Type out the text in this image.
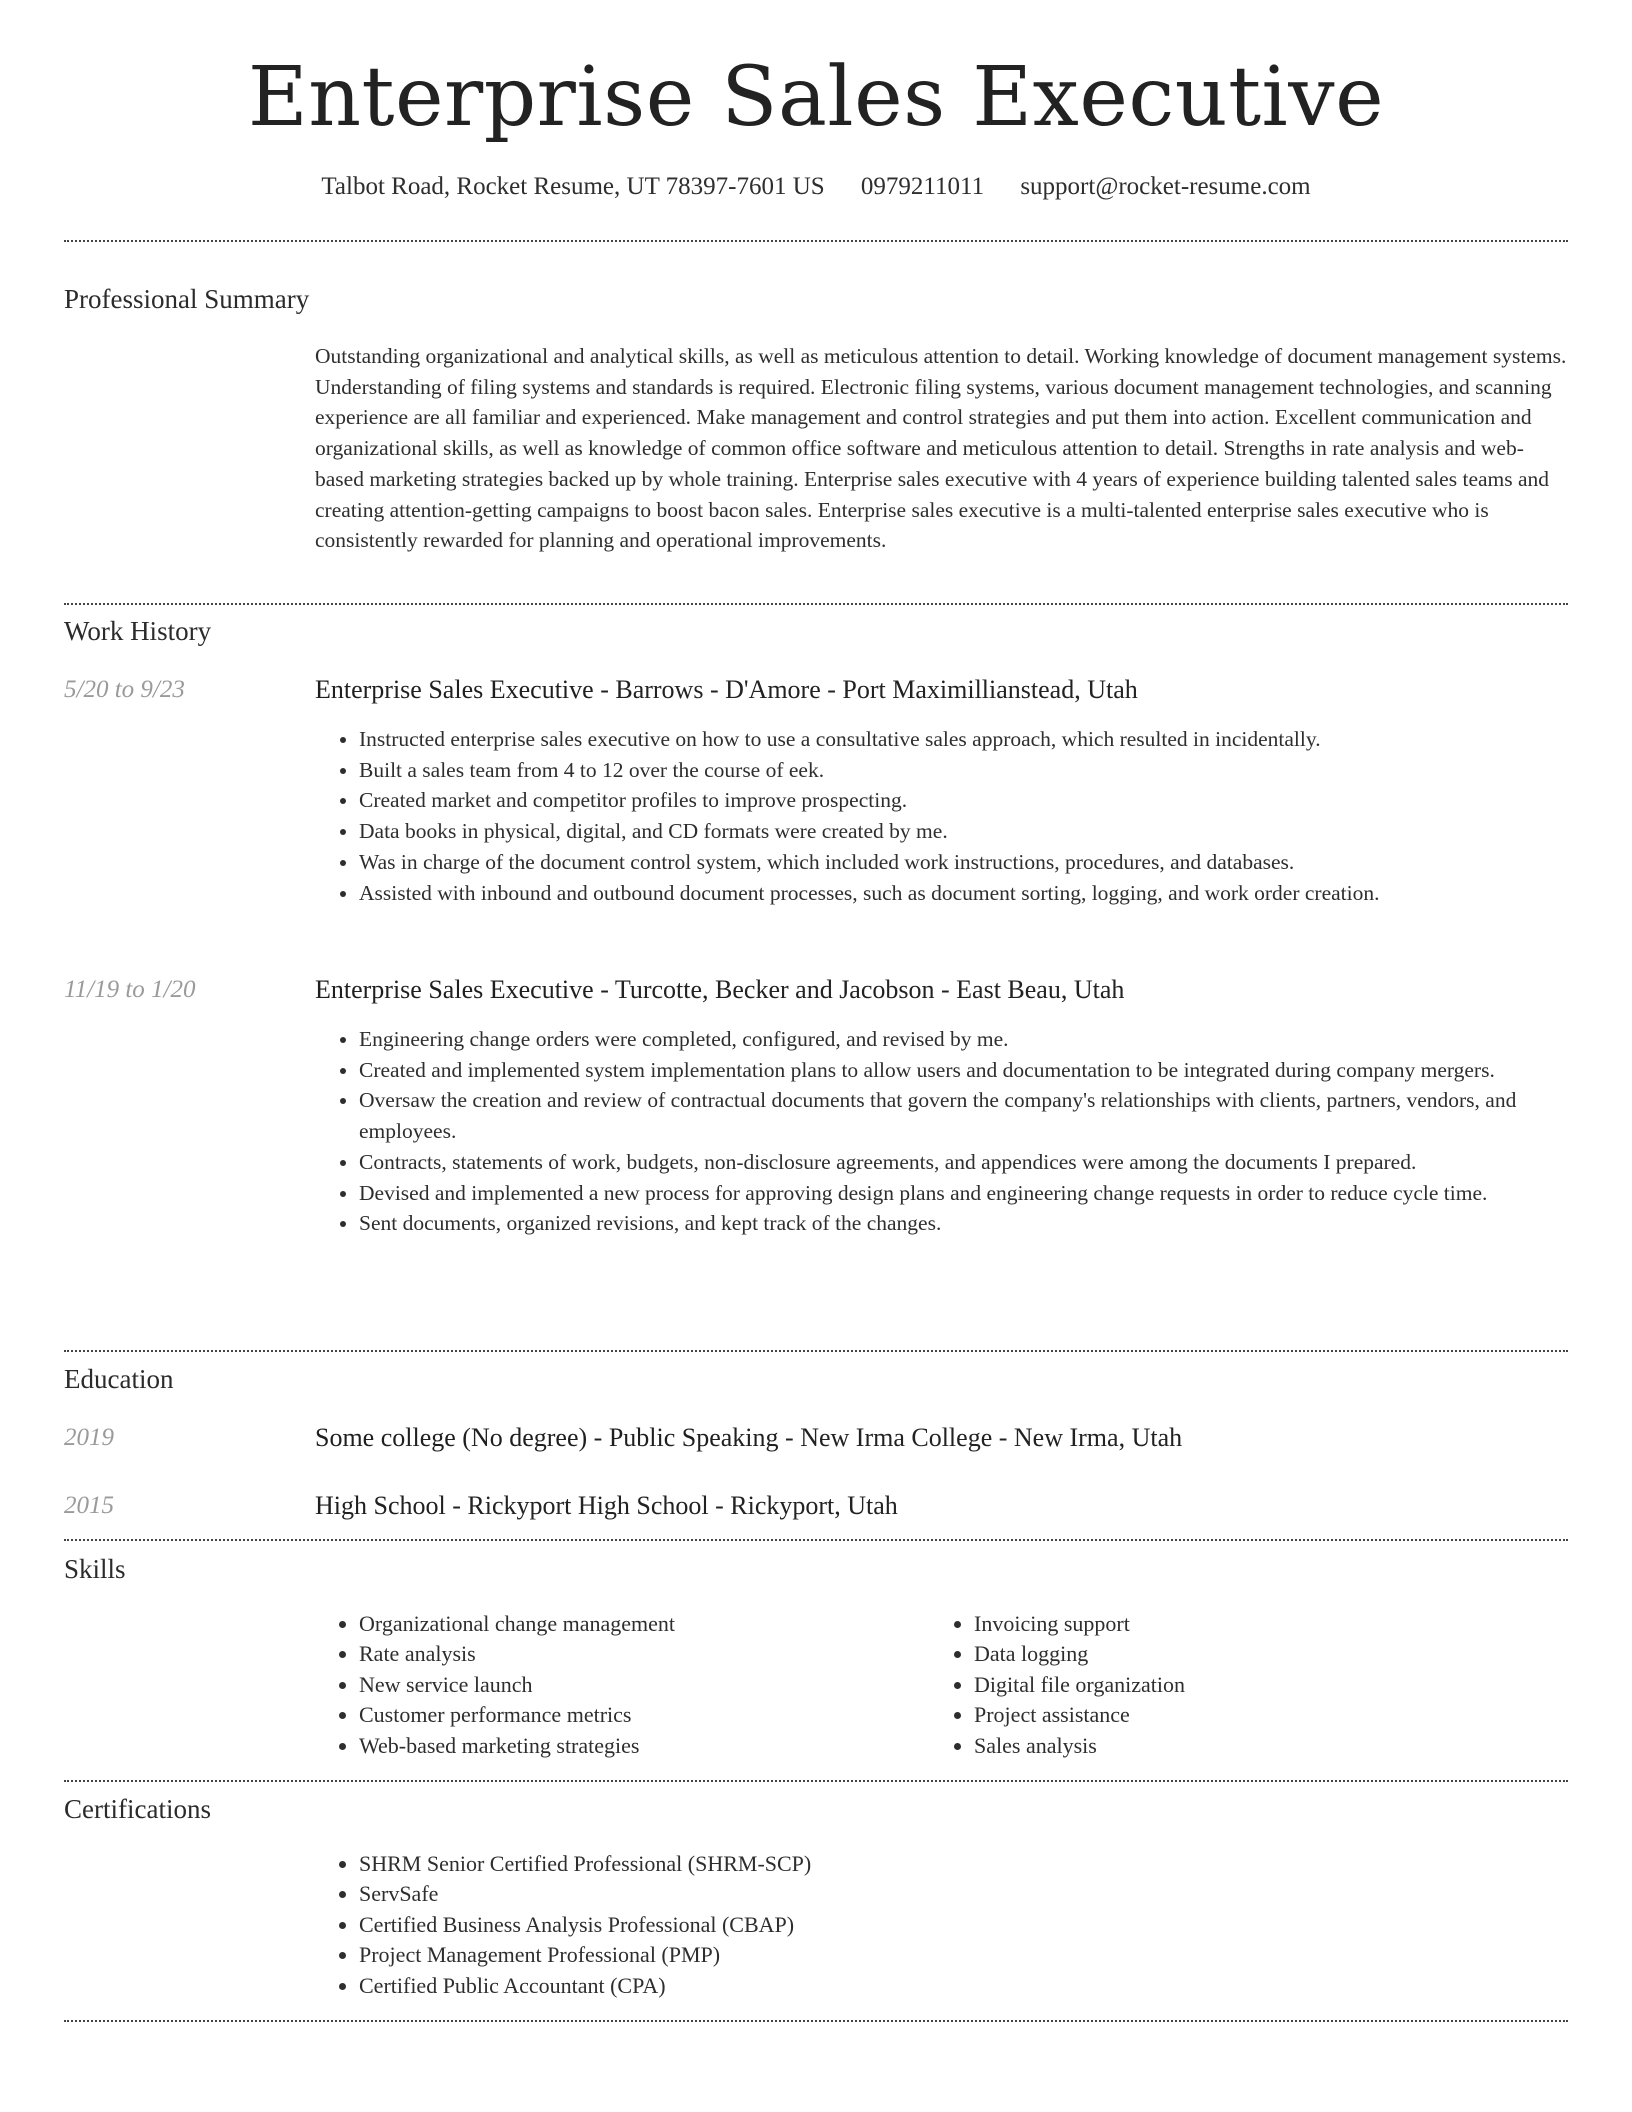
Enterprise Sales Executive
Talbot Road, Rocket Resume, UT 78397-7601 US 0979211011 support@rocket-resume.com
Professional Summary
Outstanding organizational and analytical skills, as well as meticulous attention to detail. Working knowledge of document management systems. Understanding of filing systems and standards is required. Electronic filing systems, various document management technologies, and scanning experience are all familiar and experienced. Make management and control strategies and put them into action. Excellent communication and organizational skills, as well as knowledge of common office software and meticulous attention to detail. Strengths in rate analysis and web-based marketing strategies backed up by whole training. Enterprise sales executive with 4 years of experience building talented sales teams and creating attention-getting campaigns to boost bacon sales. Enterprise sales executive is a multi-talented enterprise sales executive who is consistently rewarded for planning and operational improvements.
Work History
5/20 to 9/23	Enterprise Sales Executive - Barrows - D'Amore - Port Maximillianstead, Utah
• Instructed enterprise sales executive on how to use a consultative sales approach, which resulted in incidentally.
• Built a sales team from 4 to 12 over the course of eek.
• Created market and competitor profiles to improve prospecting.
• Data books in physical, digital, and CD formats were created by me.
• Was in charge of the document control system, which included work instructions, procedures, and databases.
• Assisted with inbound and outbound document processes, such as document sorting, logging, and work order creation.
11/19 to 1/20	Enterprise Sales Executive - Turcotte, Becker and Jacobson - East Beau, Utah
• Engineering change orders were completed, configured, and revised by me.
• Created and implemented system implementation plans to allow users and documentation to be integrated during company mergers.
• Oversaw the creation and review of contractual documents that govern the company's relationships with clients, partners, vendors, and employees.
• Contracts, statements of work, budgets, non-disclosure agreements, and appendices were among the documents I prepared.
• Devised and implemented a new process for approving design plans and engineering change requests in order to reduce cycle time.
• Sent documents, organized revisions, and kept track of the changes.
Education
2019	Some college (No degree) - Public Speaking - New Irma College - New Irma, Utah
2015	High School - Rickyport High School - Rickyport, Utah
Skills
• Organizational change management
• Rate analysis
• New service launch
• Customer performance metrics
• Web-based marketing strategies
• Invoicing support
• Data logging
• Digital file organization
• Project assistance
• Sales analysis
Certifications
• SHRM Senior Certified Professional (SHRM-SCP)
• ServSafe
• Certified Business Analysis Professional (CBAP)
• Project Management Professional (PMP)
• Certified Public Accountant (CPA)
